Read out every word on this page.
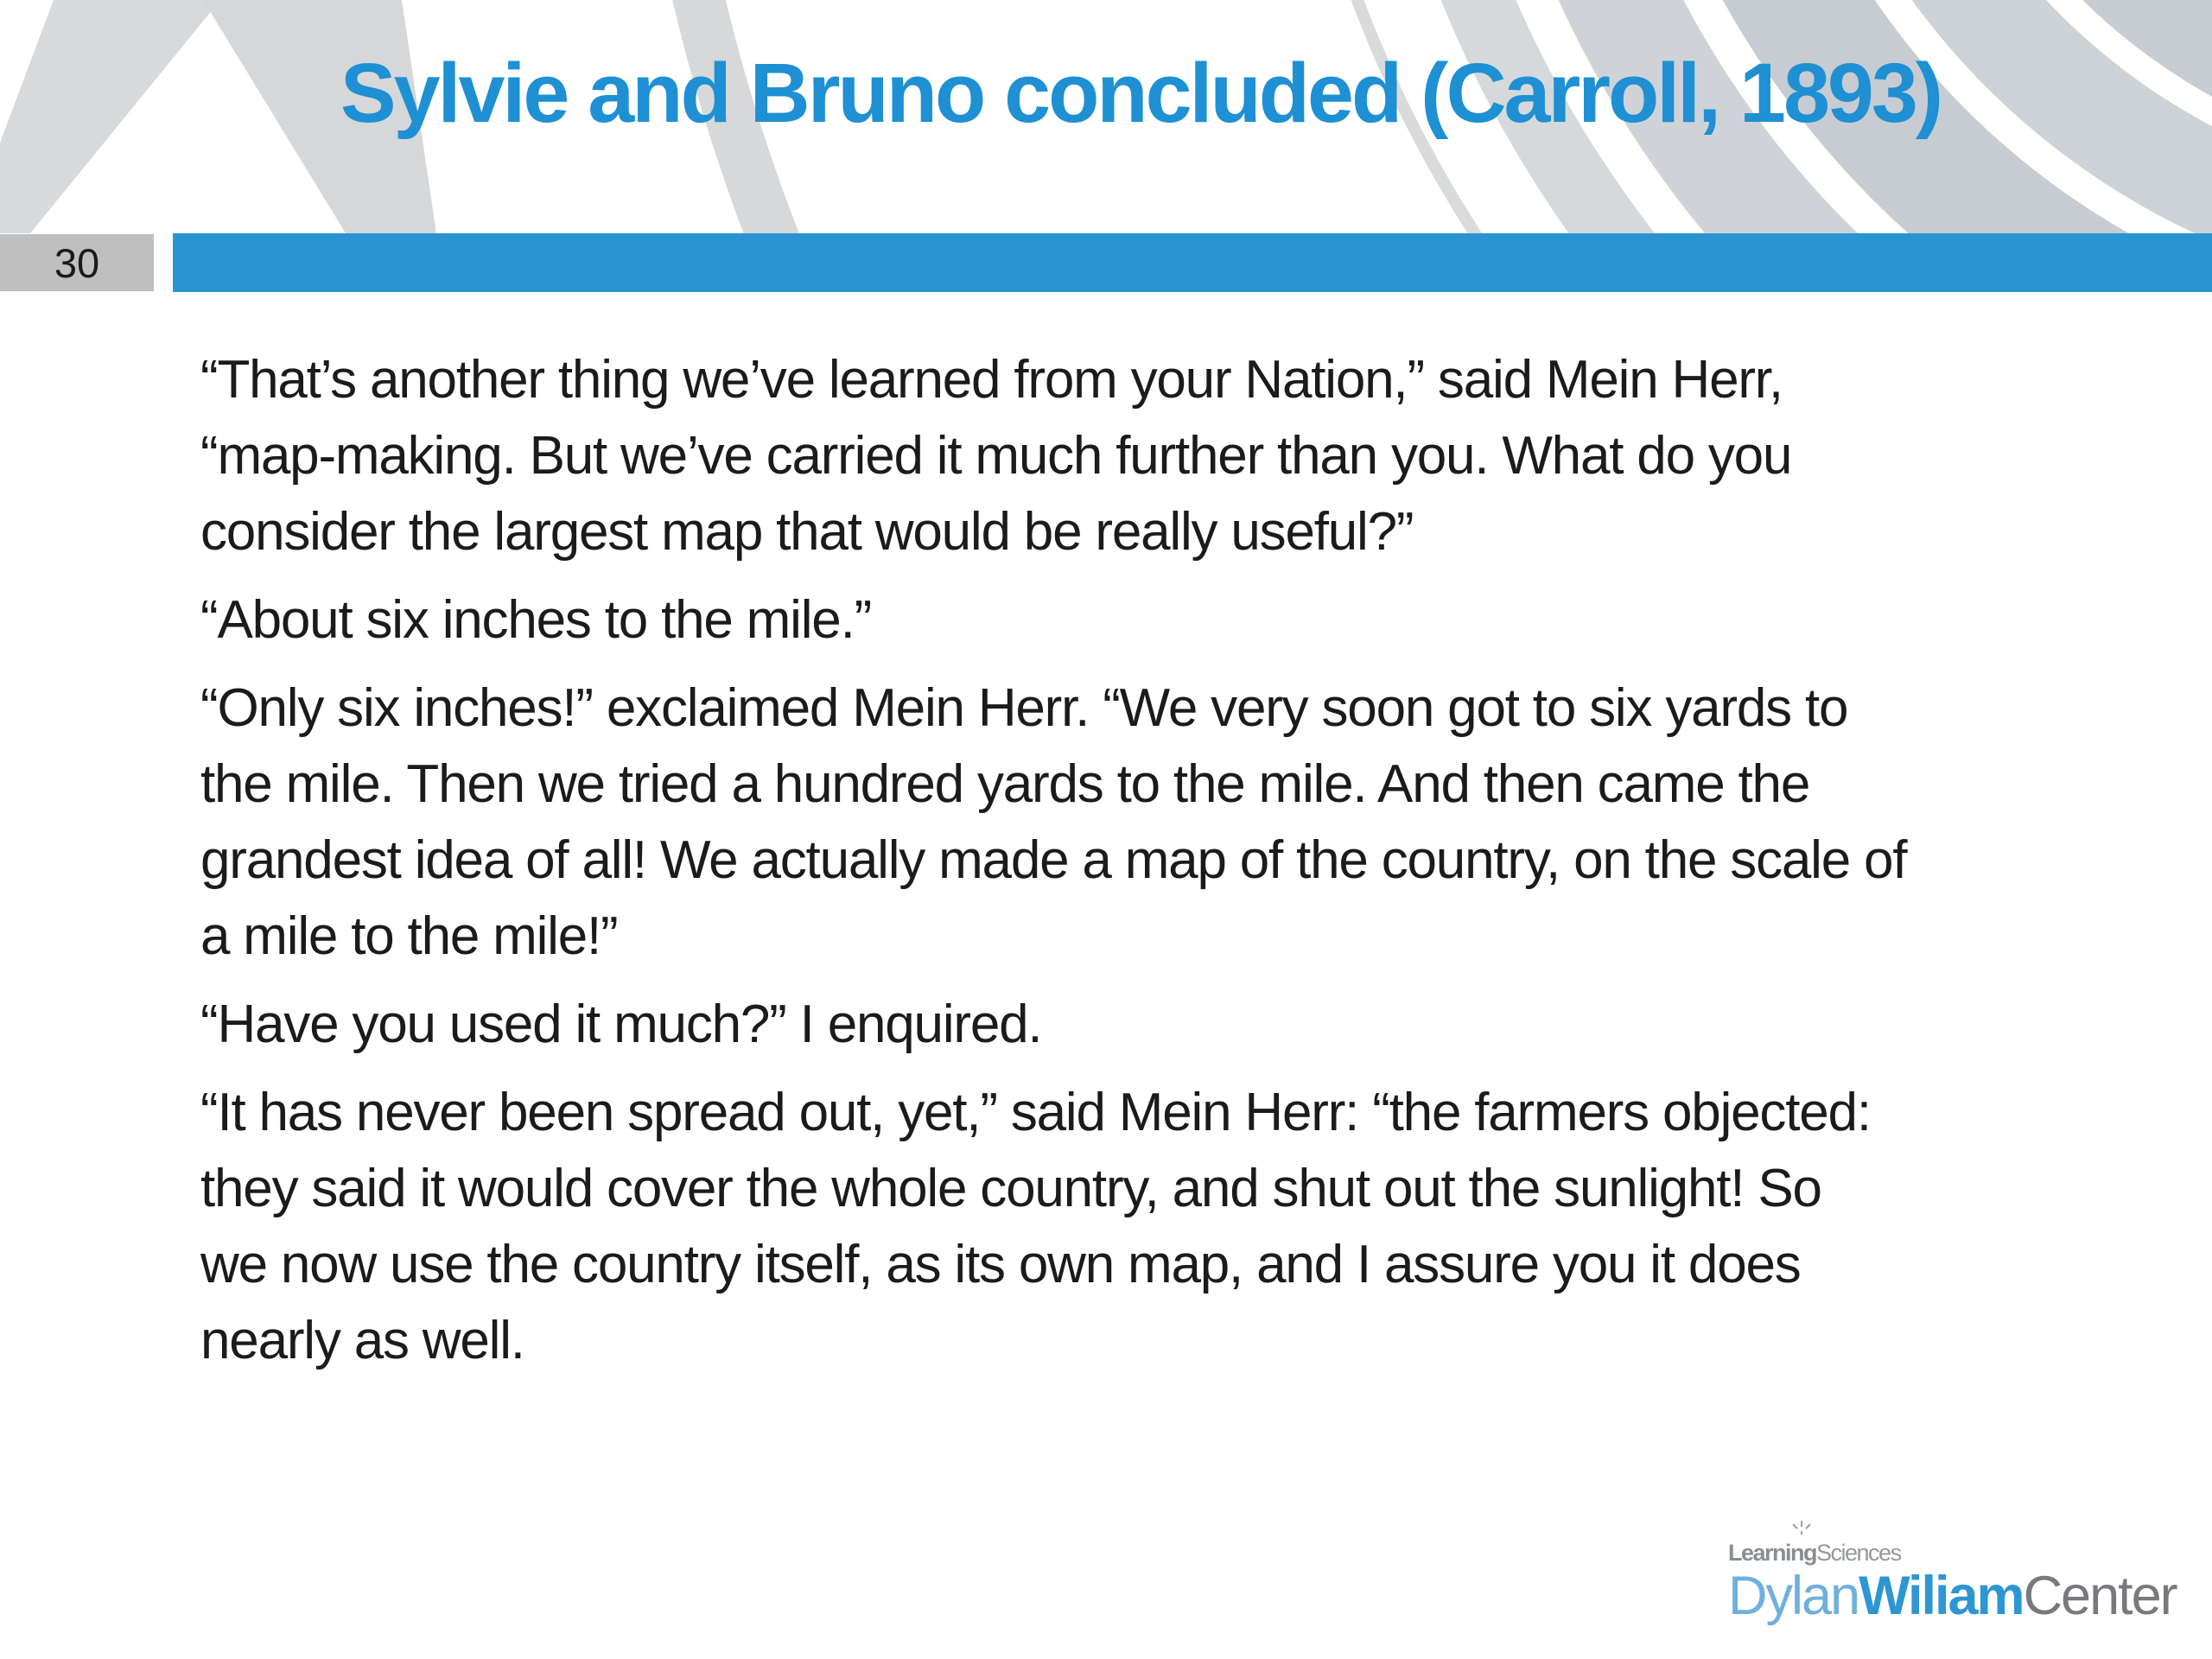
30
Sylvie and Bruno concluded (Carroll, 1893)
“That’s another thing we’ve learned from your Nation,” said Mein Herr,
“map-making. But we’ve carried it much further than you. What do you
consider the largest map that would be really useful?”
“About six inches to the mile.”
“Only six inches!” exclaimed Mein Herr. “We very soon got to six yards to
the mile. Then we tried a hundred yards to the mile. And then came the
grandest idea of all! We actually made a map of the country, on the scale of
a mile to the mile!”
“Have you used it much?” I enquired.
“It has never been spread out, yet,” said Mein Herr: “the farmers objected:
they said it would cover the whole country, and shut out the sunlight! So
we now use the country itself, as its own map, and I assure you it does
nearly as well.
LearningSciences
DylanWiliamCenter
